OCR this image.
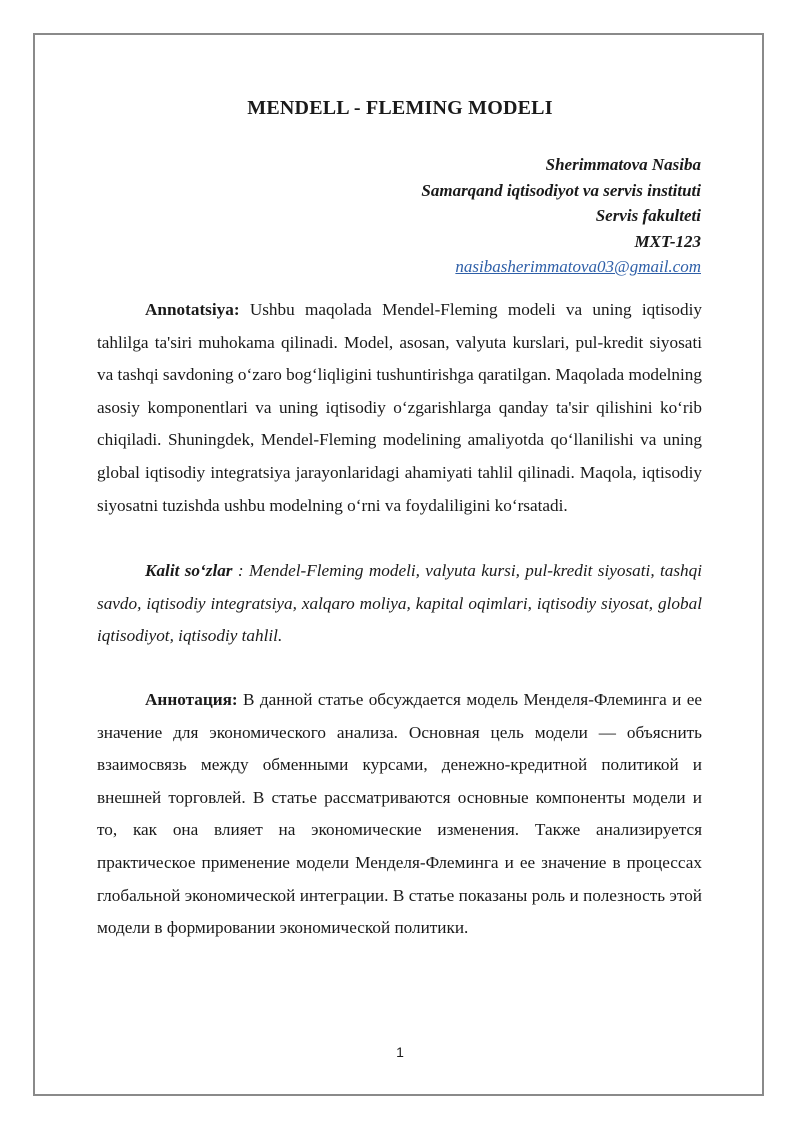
MENDELL - FLEMING MODELI
Sherimmatova Nasiba
Samarqand iqtisodiyot va servis instituti
Servis fakulteti
MXT-123
nasibasherimmatova03@gmail.com

Annotatsiya: Ushbu maqolada Mendel-Fleming modeli va uning iqtisodiy tahlilga ta'siri muhokama qilinadi. Model, asosan, valyuta kurslari, pul-kredit siyosati va tashqi savdoning o‘zaro bog‘liqligini tushuntirishga qaratilgan. Maqolada modelning asosiy komponentlari va uning iqtisodiy o‘zgarishlarga qanday ta'sir qilishini ko‘rib chiqiladi. Shuningdek, Mendel-Fleming modelining amaliyotda qo‘llanilishi va uning global iqtisodiy integratsiya jarayonlaridagi ahamiyati tahlil qilinadi. Maqola, iqtisodiy siyosatni tuzishda ushbu modelning o‘rni va foydaliligini ko‘rsatadi.

Kalit so‘zlar : Mendel-Fleming modeli, valyuta kursi, pul-kredit siyosati, tashqi savdo, iqtisodiy integratsiya, xalqaro moliya, kapital oqimlari, iqtisodiy siyosat, global iqtisodiyot, iqtisodiy tahlil.

Аннотация: В данной статье обсуждается модель Менделя-Флеминга и ее значение для экономического анализа. Основная цель модели — объяснить взаимосвязь между обменными курсами, денежно-кредитной политикой и внешней торговлей. В статье рассматриваются основные компоненты модели и то, как она влияет на экономические изменения. Также анализируется практическое применение модели Менделя-Флеминга и ее значение в процессах глобальной экономической интеграции. В статье показаны роль и полезность этой модели в формировании экономической политики.

1
